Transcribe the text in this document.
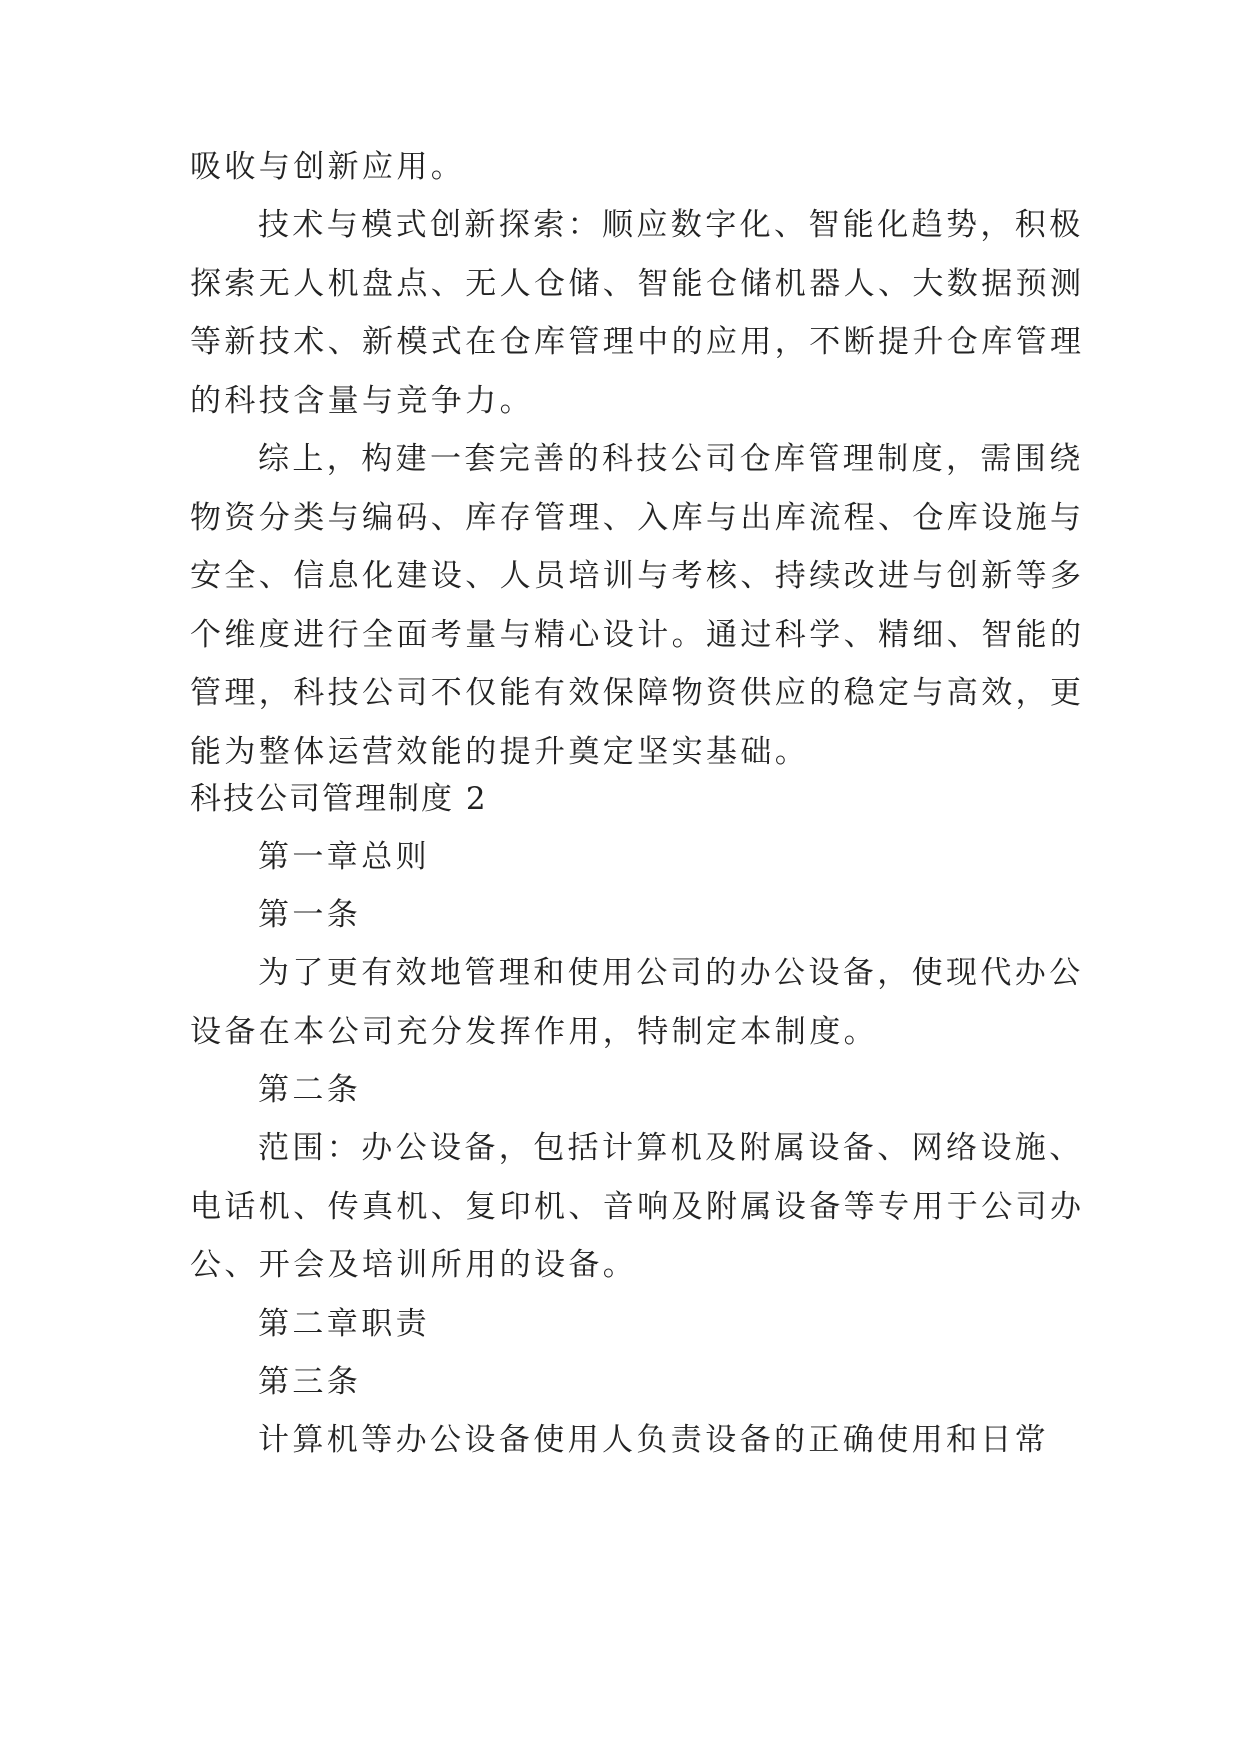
吸收与创新应用。

技术与模式创新探索：顺应数字化、智能化趋势，积极探索无人机盘点、无人仓储、智能仓储机器人、大数据预测等新技术、新模式在仓库管理中的应用，不断提升仓库管理的科技含量与竞争力。

综上，构建一套完善的科技公司仓库管理制度，需围绕物资分类与编码、库存管理、入库与出库流程、仓库设施与安全、信息化建设、人员培训与考核、持续改进与创新等多个维度进行全面考量与精心设计。通过科学、精细、智能的管理，科技公司不仅能有效保障物资供应的稳定与高效，更能为整体运营效能的提升奠定坚实基础。

科技公司管理制度 2

第一章总则

第一条

为了更有效地管理和使用公司的办公设备，使现代办公设备在本公司充分发挥作用，特制定本制度。

第二条

范围：办公设备，包括计算机及附属设备、网络设施、电话机、传真机、复印机、音响及附属设备等专用于公司办公、开会及培训所用的设备。

第二章职责

第三条

计算机等办公设备使用人负责设备的正确使用和日常
